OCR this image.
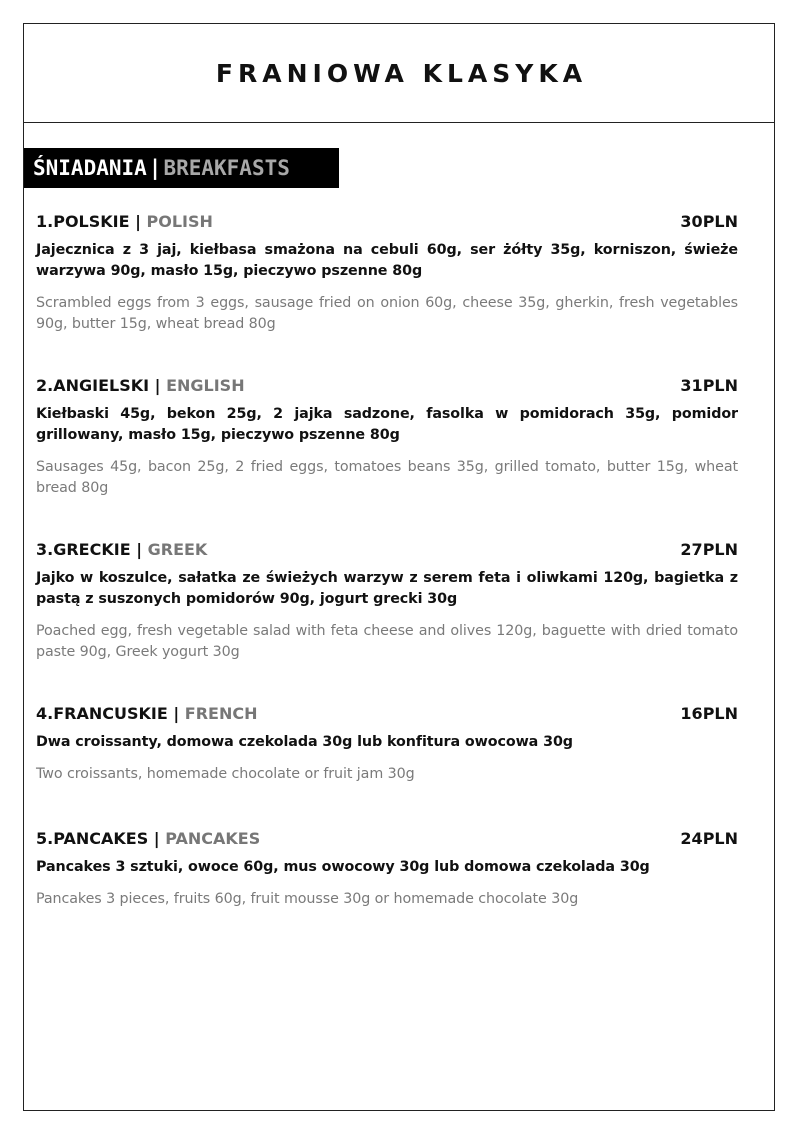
FRANIOWA KLASYKA
ŚNIADANIA | BREAKFASTS
1.POLSKIE | POLISH	30PLN
Jajecznica z 3 jaj, kiełbasa smażona na cebuli 60g, ser żółty 35g, korniszon, świeże warzywa 90g, masło 15g, pieczywo pszenne 80g
Scrambled eggs from 3 eggs, sausage fried on onion 60g, cheese 35g, gherkin, fresh vegetables 90g, butter 15g, wheat bread 80g
2.ANGIELSKI | ENGLISH	31PLN
Kiełbaski 45g, bekon 25g, 2 jajka sadzone, fasolka w pomidorach 35g, pomidor grillowany, masło 15g, pieczywo pszenne 80g
Sausages 45g, bacon 25g, 2 fried eggs, tomatoes beans 35g, grilled tomato, butter 15g, wheat bread 80g
3.GRECKIE | GREEK	27PLN
Jajko w koszulce, sałatka ze świeżych warzyw z serem feta i oliwkami 120g, bagietka z pastą z suszonych pomidorów 90g, jogurt grecki 30g
Poached egg, fresh vegetable salad with feta cheese and olives 120g, baguette with dried tomato paste 90g, Greek yogurt 30g
4.FRANCUSKIE | FRENCH	16PLN
Dwa croissanty, domowa czekolada 30g lub konfitura owocowa 30g
Two croissants, homemade chocolate or fruit jam 30g
5.PANCAKES | PANCAKES	24PLN
Pancakes 3 sztuki, owoce 60g, mus owocowy 30g lub domowa czekolada 30g
Pancakes 3 pieces, fruits 60g, fruit mousse 30g or homemade chocolate 30g
